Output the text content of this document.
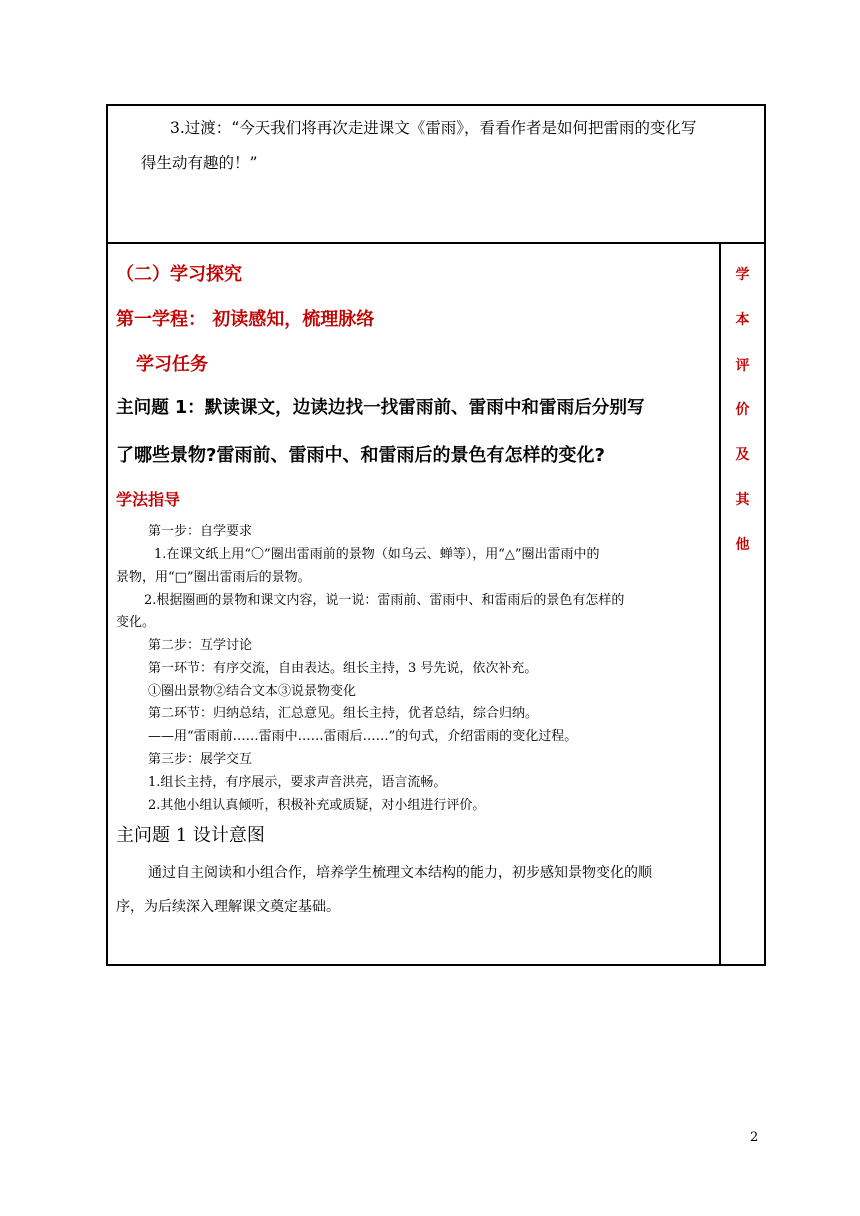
3.过渡：“今天我们将再次走进课文《雷雨》，看看作者是如何把雷雨的变化写

得生动有趣的！”

（二）学习探究
第一学程： 初读感知，梳理脉络
学习任务
主问题 1：默读课文，边读边找一找雷雨前、雷雨中和雷雨后分别写
了哪些景物?雷雨前、雷雨中、和雷雨后的景色有怎样的变化?
学法指导
第一步：自学要求
1.在课文纸上用“〇”圈出雷雨前的景物（如乌云、蝉等），用“△”圈出雷雨中的
景物，用“□”圈出雷雨后的景物。
2.根据圈画的景物和课文内容，说一说：雷雨前、雷雨中、和雷雨后的景色有怎样的
变化。
第二步：互学讨论
第一环节：有序交流，自由表达。组长主持，3 号先说，依次补充。
①圈出景物②结合文本③说景物变化
第二环节：归纳总结，汇总意见。组长主持，优者总结，综合归纳。
——用“雷雨前……雷雨中……雷雨后……”的句式，介绍雷雨的变化过程。
第三步：展学交互
1.组长主持，有序展示，要求声音洪亮，语言流畅。
2.其他小组认真倾听，积极补充或质疑，对小组进行评价。
主问题 1 设计意图
通过自主阅读和小组合作，培养学生梳理文本结构的能力，初步感知景物变化的顺
序，为后续深入理解课文奠定基础。
学
本
评
价
及
其
他
2
